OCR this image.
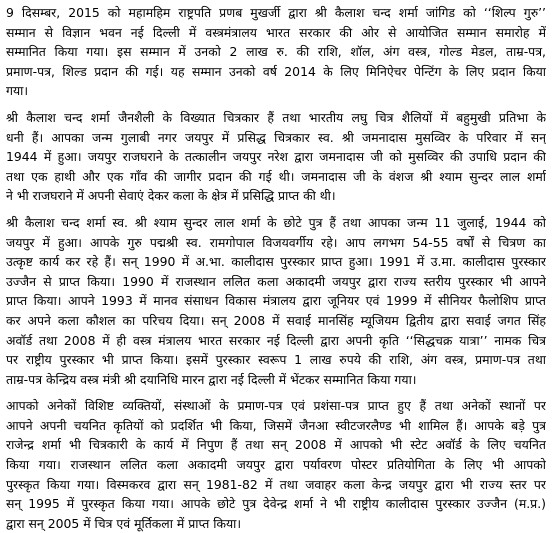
9 दिसम्बर, 2015 को महामहिम राष्ट्रपति प्रणब मुखर्जी द्वारा श्री कैलाश चन्द शर्मा जांगिड को ‘‘शिल्प गुरु’’
सम्मान से विज्ञान भवन नई दिल्ली में वस्त्रमंत्रालय भारत सरकार की ओर से आयोजित सम्मान समारोह में
सम्मानित किया गया। इस सम्मान में उनको 2 लाख रु. की राशि, शॉल, अंग वस्त्र, गोल्ड मेडल, ताम्र-पत्र,
प्रमाण-पत्र, शिल्ड प्रदान की गई। यह सम्मान उनको वर्ष 2014 के लिए मिनिऐचर पेन्टिंग के लिए प्रदान किया
गया।
श्री कैलाश चन्द शर्मा जैनशैली के विख्यात चित्रकार हैं तथा भारतीय लघु चित्र शैलियों में बहुमुखी प्रतिभा के
धनी हैं। आपका जन्म गुलाबी नगर जयपुर में प्रसिद्ध चित्रकार स्व. श्री जमनादास मुसव्विर के परिवार में सन्
1944 में हुआ। जयपुर राजघराने के तत्कालीन जयपुर नरेश द्वारा जमनादास जी को मुसव्विर की उपाधि प्रदान की
तथा एक हाथी और एक गाँव की जागीर प्रदान की गई थी। जमनादास जी के वंशज श्री श्याम सुन्दर लाल शर्मा
ने भी राजघराने में अपनी सेवाएं देकर कला के क्षेत्र में प्रसिद्धि प्राप्त की थी।
श्री कैलाश चन्द शर्मा स्व. श्री श्याम सुन्दर लाल शर्मा के छोटे पुत्र हैं तथा आपका जन्म 11 जुलाई, 1944 को
जयपुर में हुआ। आपके गुरु पद्मश्री स्व. रामगोपाल विजयवर्गीय रहे। आप लगभग 54-55 वर्षों से चित्रण का
उत्कृष्ट कार्य कर रहे हैं। सन् 1990 में अ.भा. कालीदास पुरस्कार प्राप्त हुआ। 1991 में उ.मा. कालीदास पुरस्कार
उज्जैन से प्राप्त किया। 1990 में राजस्थान ललित कला अकादमी जयपुर द्वारा राज्य स्तरीय पुरस्कार भी आपने
प्राप्त किया। आपने 1993 में मानव संसाधन विकास मंत्रालय द्वारा जूनियर एवं 1999 में सीनियर फैलोशिप प्राप्त
कर अपने कला कौशल का परिचय दिया। सन् 2008 में सवाई मानसिंह म्यूजियम द्वितीय द्वारा सवाई जगत सिंह
अवॉर्ड तथा 2008 में ही वस्त्र मंत्रालय भारत सरकार नई दिल्ली द्वारा अपनी कृति ‘‘सिद्धचक्र यात्रा’’ नामक चित्र
पर राष्ट्रीय पुरस्कार भी प्राप्त किया। इसमें पुरस्कार स्वरूप 1 लाख रुपये की राशि, अंग वस्त्र, प्रमाण-पत्र तथा
ताम्र-पत्र केन्द्रिय वस्त्र मंत्री श्री दयानिधि मारन द्वारा नई दिल्ली में भेंटकर सम्मानित किया गया।
आपको अनेकों विशिष्ट व्यक्तियों, संस्थाओं के प्रमाण-पत्र एवं प्रशंसा-पत्र प्राप्त हुए हैं तथा अनेकों स्थानों पर
आपने अपनी चयनित कृतियों को प्रदर्शित भी किया, जिसमें जैनआ स्वीटजरलैण्ड भी शामिल हैं। आपके बड़े पुत्र
राजेन्द्र शर्मा भी चित्रकारी के कार्य में निपुण हैं तथा सन् 2008 में आपको भी स्टेट अवॉर्ड के लिए चयनित
किया गया। राजस्थान ललित कला अकादमी जयपुर द्वारा पर्यावरण पोस्टर प्रतियोगिता के लिए भी आपको
पुरस्कृत किया गया। विस्मकरव द्वारा सन् 1981-82 में तथा जवाहर कला केन्द्र जयपुर द्वारा भी राज्य स्तर पर
सन् 1995 में पुरस्कृत किया गया। आपके छोटे पुत्र देवेन्द्र शर्मा ने भी राष्ट्रीय कालीदास पुरस्कार उज्जैन (म.प्र.)
द्वारा सन् 2005 में चित्र एवं मूर्तिकला में प्राप्त किया।
